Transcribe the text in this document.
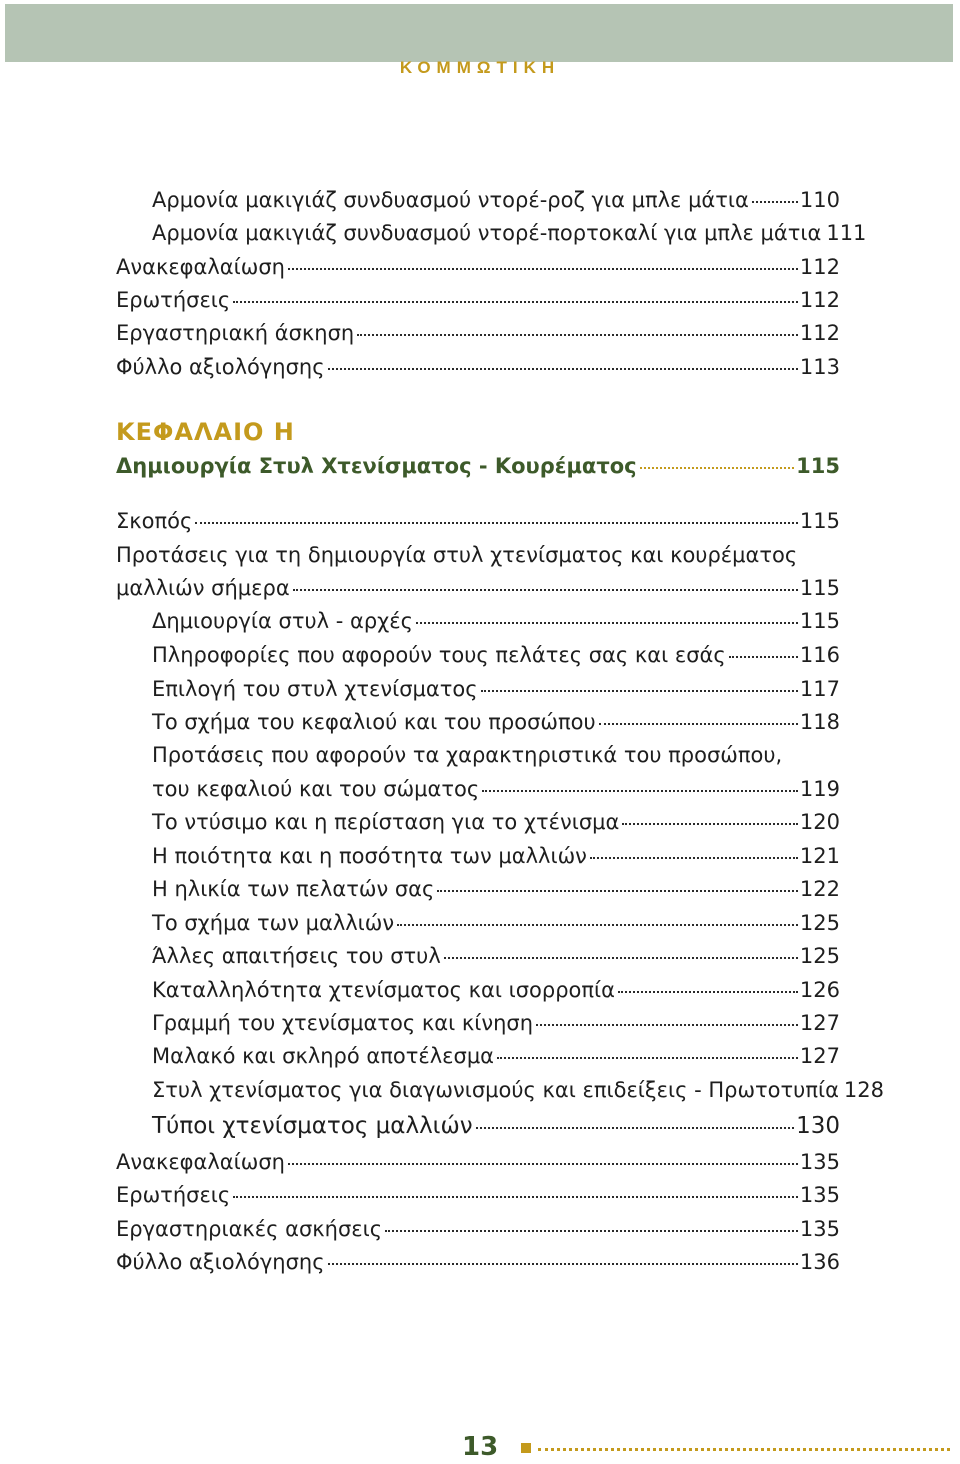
ΚΟΜΜΩΤΙΚΗ
Αρμονία μακιγιάζ συνδυασμού ντορέ-ροζ για μπλε μάτια 110
Αρμονία μακιγιάζ συνδυασμού ντορέ-πορτοκαλί για μπλε μάτια 111
Ανακεφαλαίωση	112
Ερωτήσεις	112
Εργαστηριακή άσκηση	112
Φύλλο αξιολόγησης	113
ΚΕΦΑΛΑΙΟ Η
Δημιουργία Στυλ Χτενίσματος - Κουρέματος	115
Σκοπός	115
Προτάσεις για τη δημιουργία στυλ χτενίσματος και κουρέματος
μαλλιών σήμερα	115
Δημιουργία στυλ - αρχές	115
Πληροφορίες που αφορούν τους πελάτες σας και εσάς	116
Επιλογή του στυλ χτενίσματος	117
Το σχήμα του κεφαλιού και του προσώπου	118
Προτάσεις που αφορούν τα χαρακτηριστικά του προσώπου,
του κεφαλιού και του σώματος	119
Το ντύσιμο και η περίσταση για το χτένισμα	120
Η ποιότητα και η ποσότητα των μαλλιών	121
Η ηλικία των πελατών σας	122
Το σχήμα των μαλλιών	125
Άλλες απαιτήσεις του στυλ	125
Καταλληλότητα χτενίσματος και ισορροπία	126
Γραμμή του χτενίσματος και κίνηση	127
Μαλακό και σκληρό αποτέλεσμα	127
Στυλ χτενίσματος για διαγωνισμούς και επιδείξεις - Πρωτοτυπία 128
Τύποι χτενίσματος μαλλιών	130
Ανακεφαλαίωση	135
Ερωτήσεις	135
Εργαστηριακές ασκήσεις	135
Φύλλο αξιολόγησης	136
13
